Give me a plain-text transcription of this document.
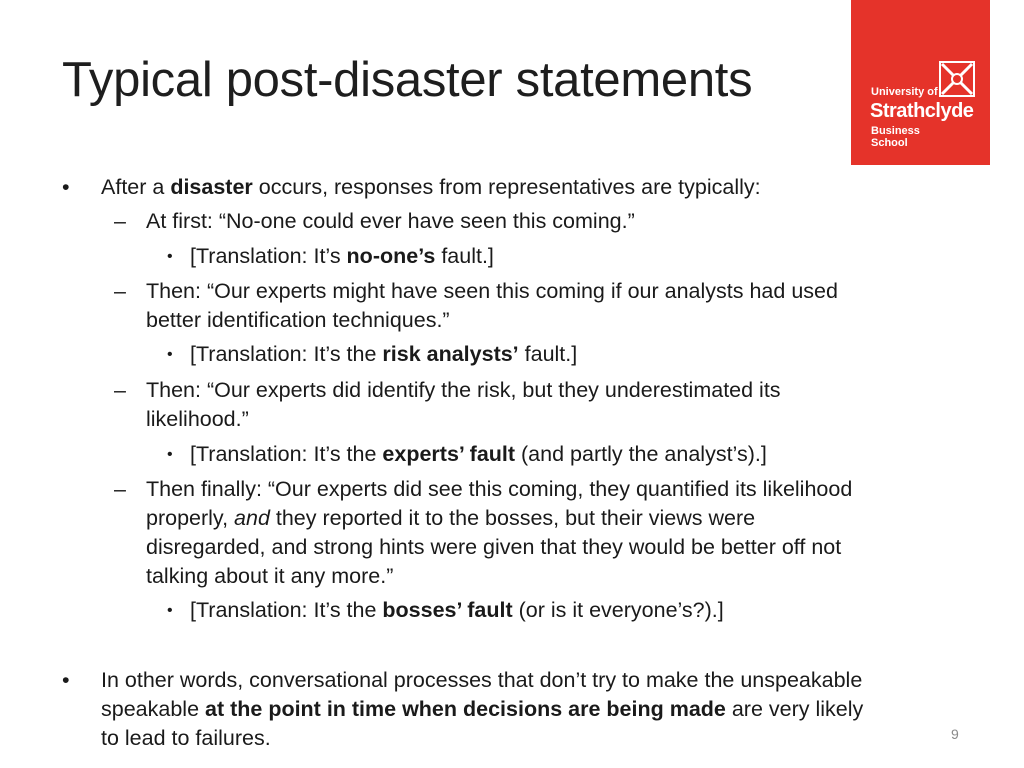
Typical post-disaster statements	University of
Strathclyde
Business
School
• After a disaster occurs, responses from representatives are typically:
– At first: “No-one could ever have seen this coming.”
• [Translation: It’s no-one’s fault.]
– Then: “Our experts might have seen this coming if our analysts had used
better identification techniques.”
• [Translation: It’s the risk analysts’ fault.]
– Then: “Our experts did identify the risk, but they underestimated its
likelihood.”
• [Translation: It’s the experts’ fault (and partly the analyst’s).]
– Then finally: “Our experts did see this coming, they quantified its likelihood
properly, and they reported it to the bosses, but their views were
disregarded, and strong hints were given that they would be better off not
talking about it any more.”
• [Translation: It’s the bosses’ fault (or is it everyone’s?).]
• In other words, conversational processes that don’t try to make the unspeakable
speakable at the point in time when decisions are being made are very likely
to lead to failures.	9
